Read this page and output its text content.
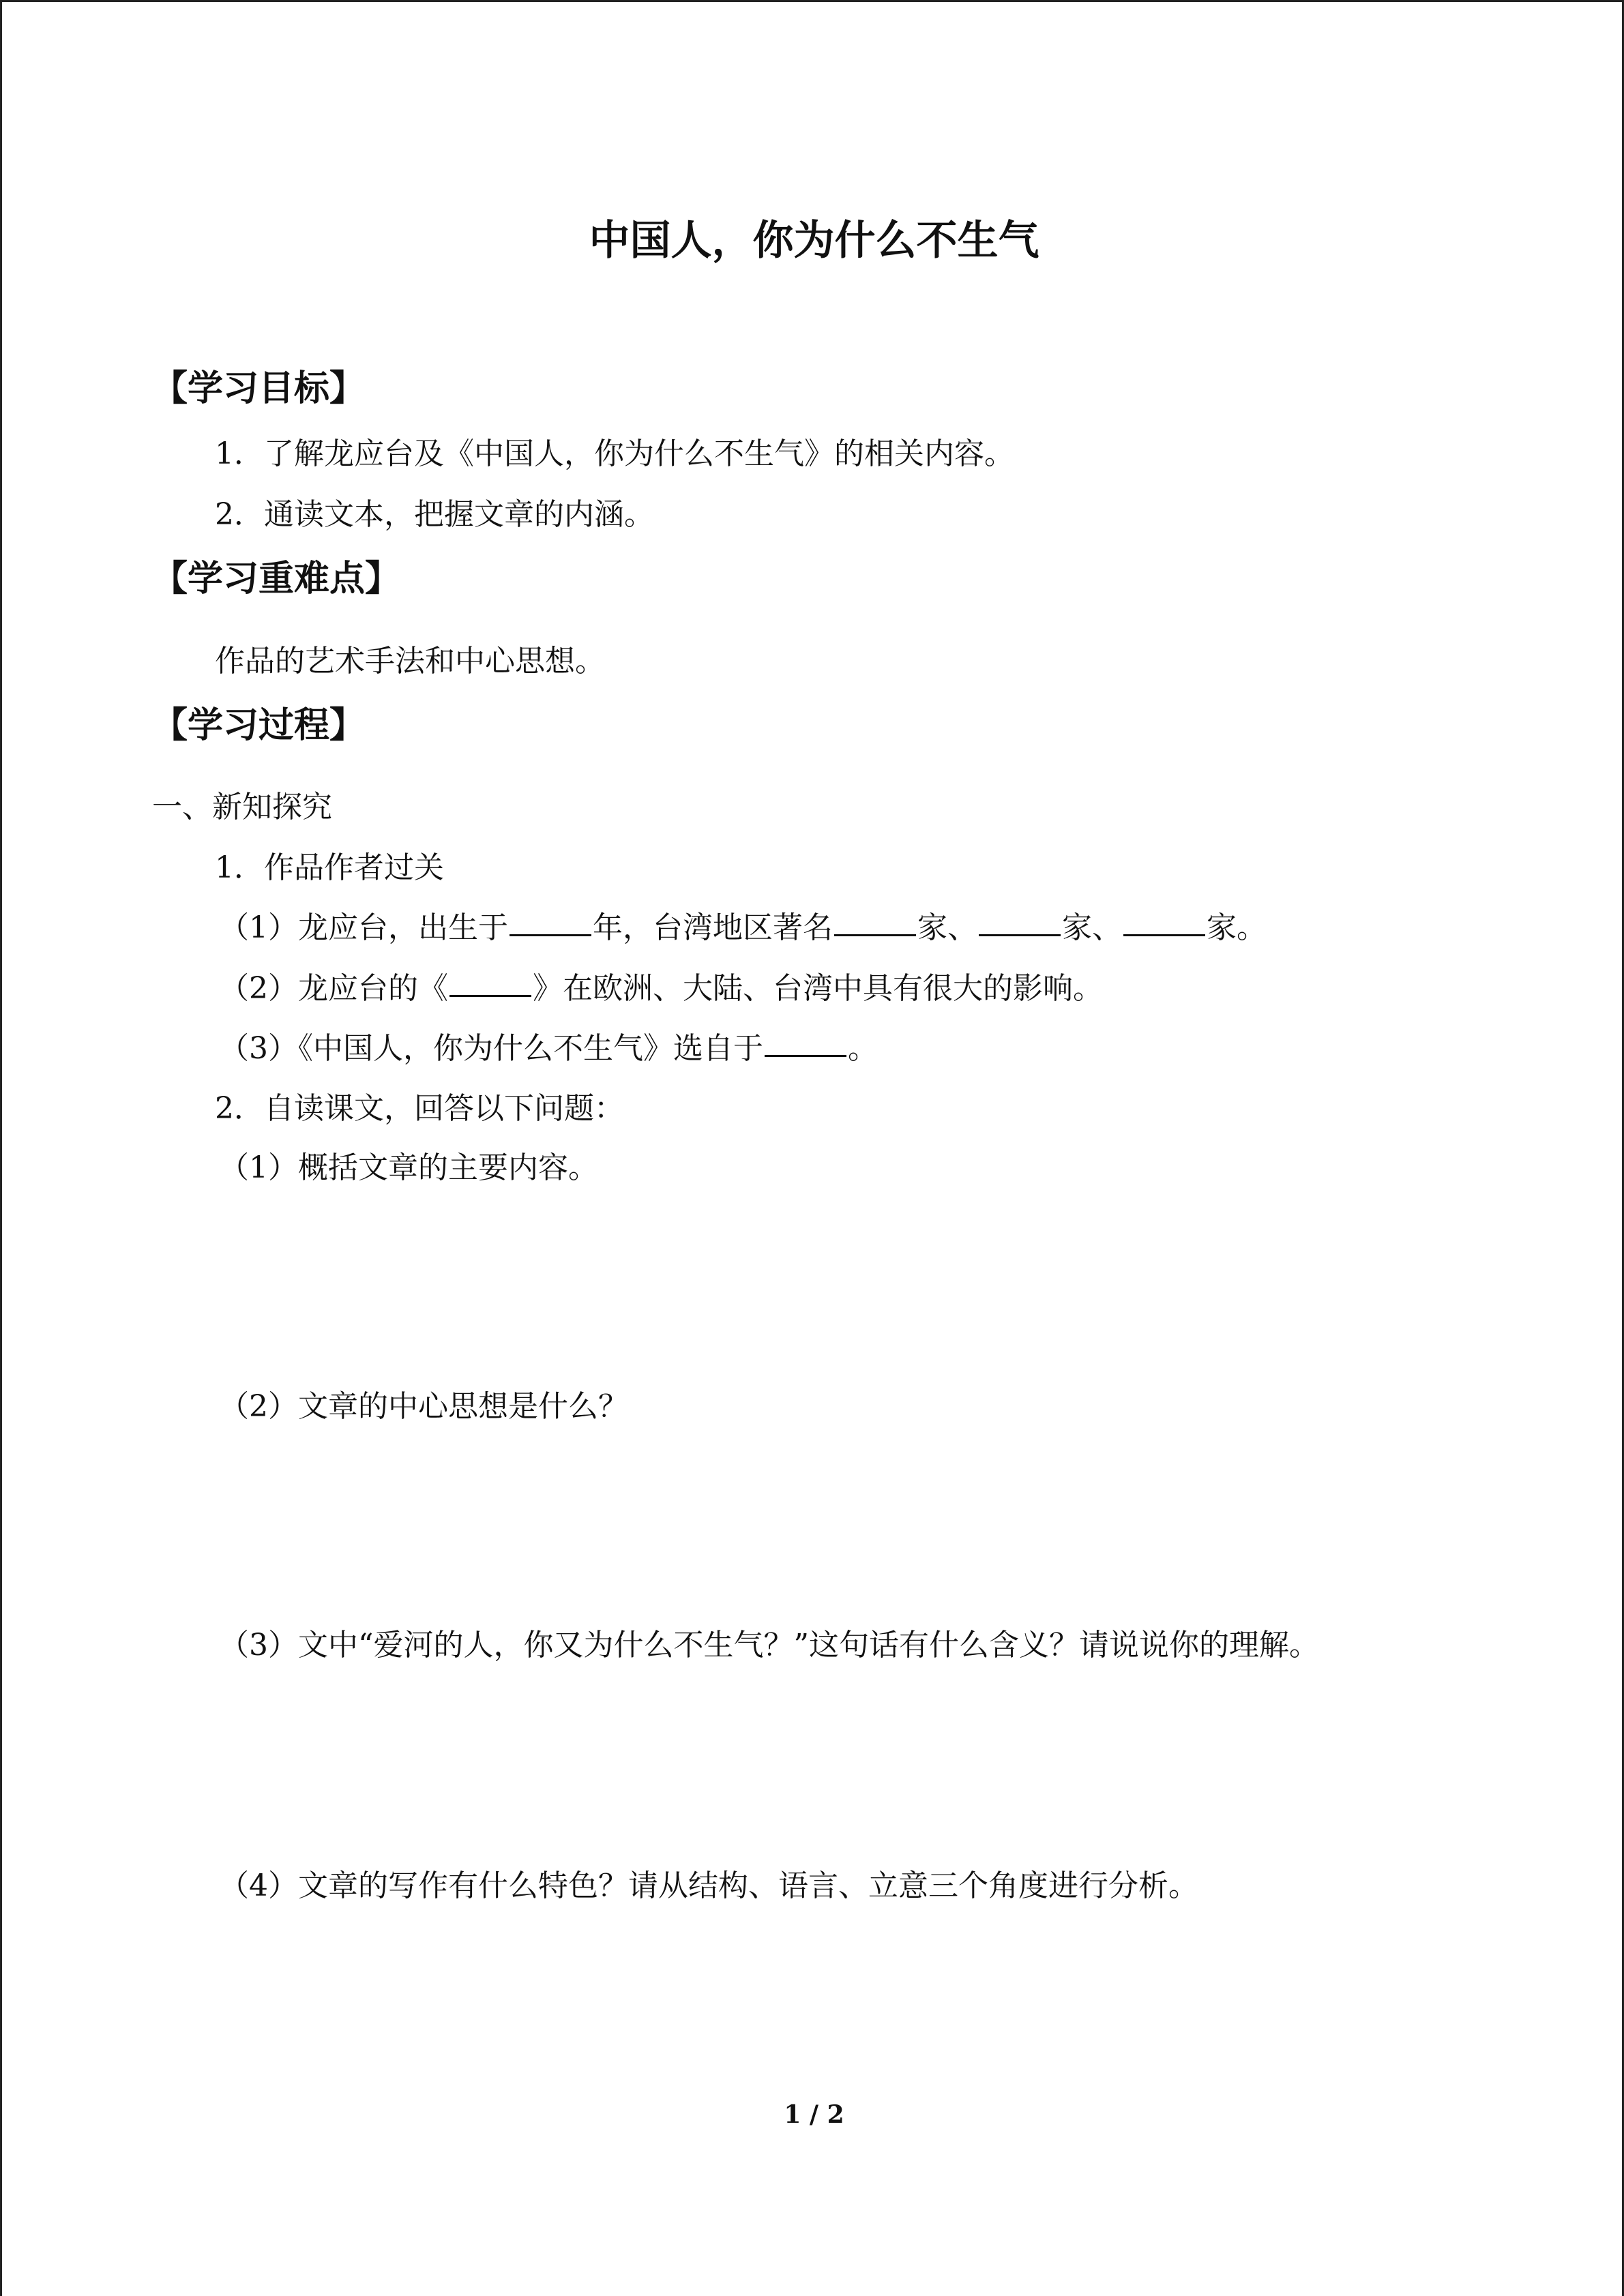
中国人，你为什么不生气
【学习目标】
1．了解龙应台及《中国人，你为什么不生气》的相关内容。
2．通读文本，把握文章的内涵。
【学习重难点】
作品的艺术手法和中心思想。
【学习过程】
一、新知探究
1．作品作者过关
（1）龙应台，出生于	年，台湾地区著名	家、	家、	家。
（2）龙应台的《	》在欧洲、大陆、台湾中具有很大的影响。
（3）《中国人，你为什么不生气》选自于	。
2．自读课文，回答以下问题：
（1）概括文章的主要内容。
（2）文章的中心思想是什么？
（3）文中“爱河的人，你又为什么不生气？”这句话有什么含义？请说说你的理解。
（4）文章的写作有什么特色？请从结构、语言、立意三个角度进行分析。
1 / 2
